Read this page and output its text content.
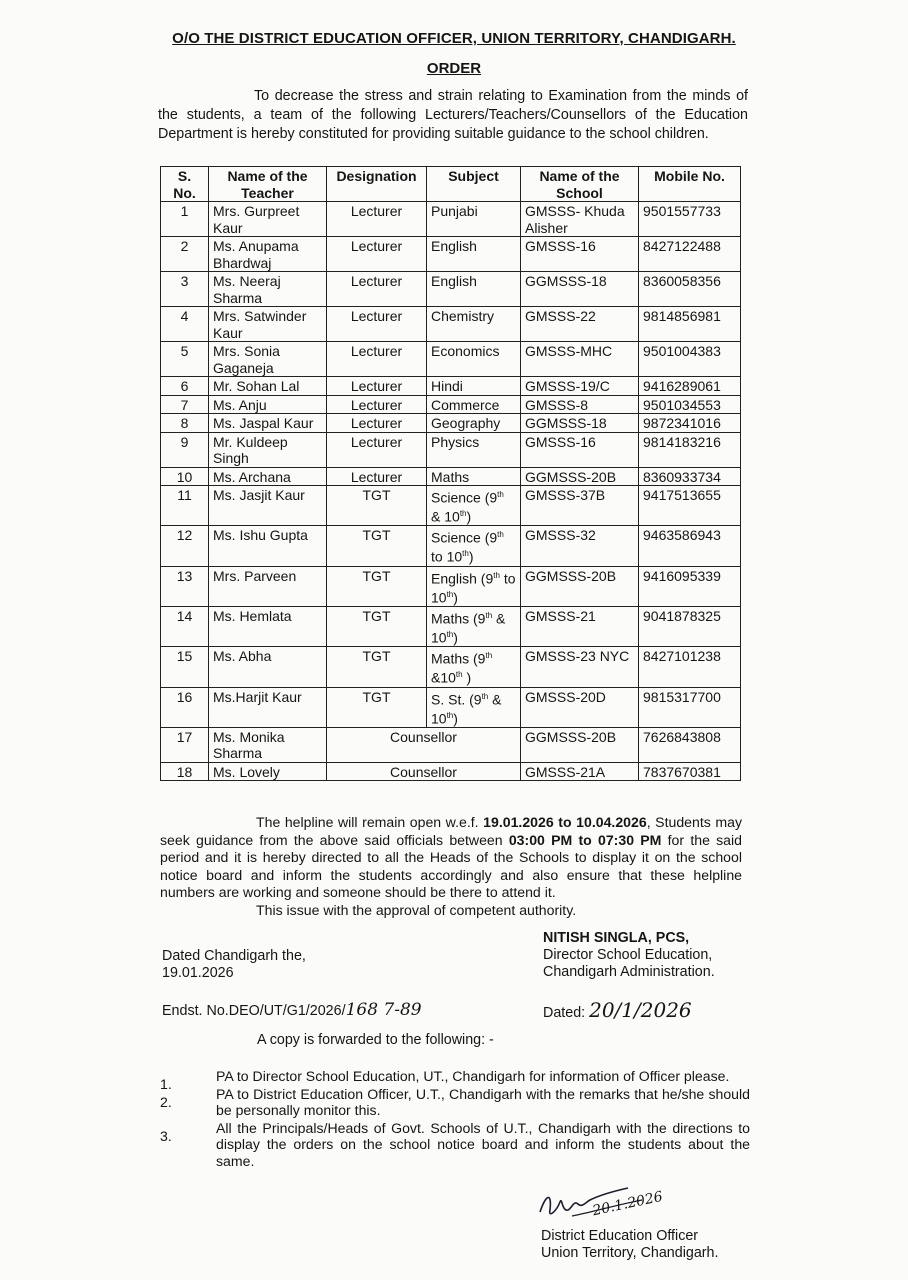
O/O THE DISTRICT EDUCATION OFFICER, UNION TERRITORY, CHANDIGARH.
ORDER
To decrease the stress and strain relating to Examination from the minds of the students, a team of the following Lecturers/Teachers/Counsellors of the Education Department is hereby constituted for providing suitable guidance to the school children.
S. No.	Name of the Teacher	Designation	Subject	Name of the School	Mobile No.
1	Mrs. Gurpreet Kaur	Lecturer	Punjabi	GMSSS- Khuda Alisher	9501557733
2	Ms. Anupama Bhardwaj	Lecturer	English	GMSSS-16	8427122488
3	Ms. Neeraj Sharma	Lecturer	English	GGMSSS-18	8360058356
4	Mrs. Satwinder Kaur	Lecturer	Chemistry	GMSSS-22	9814856981
5	Mrs. Sonia Gaganeja	Lecturer	Economics	GMSSS-MHC	9501004383
6	Mr. Sohan Lal	Lecturer	Hindi	GMSSS-19/C	9416289061
7	Ms. Anju	Lecturer	Commerce	GMSSS-8	9501034553
8	Ms. Jaspal Kaur	Lecturer	Geography	GGMSSS-18	9872341016
9	Mr. Kuldeep Singh	Lecturer	Physics	GMSSS-16	9814183216
10	Ms. Archana	Lecturer	Maths	GGMSSS-20B	8360933734
11	Ms. Jasjit Kaur	TGT	Science (9th & 10th)	GMSSS-37B	9417513655
12	Ms. Ishu Gupta	TGT	Science (9th to 10th)	GMSSS-32	9463586943
13	Mrs. Parveen	TGT	English (9th to 10th)	GGMSSS-20B	9416095339
14	Ms. Hemlata	TGT	Maths (9th & 10th)	GMSSS-21	9041878325
15	Ms. Abha	TGT	Maths (9th &10th )	GMSSS-23 NYC	8427101238
16	Ms.Harjit Kaur	TGT	S. St. (9th & 10th)	GMSSS-20D	9815317700
17	Ms. Monika Sharma	Counsellor		GGMSSS-20B	7626843808
18	Ms. Lovely	Counsellor		GMSSS-21A	7837670381
The helpline will remain open w.e.f. 19.01.2026 to 10.04.2026, Students may seek guidance from the above said officials between 03:00 PM to 07:30 PM for the said period and it is hereby directed to all the Heads of the Schools to display it on the school notice board and inform the students accordingly and also ensure that these helpline numbers are working and someone should be there to attend it.
This issue with the approval of competent authority.
NITISH SINGLA, PCS,
Director School Education,
Chandigarh Administration.
Dated Chandigarh the,
19.01.2026
Endst. No.DEO/UT/G1/2026/168 7-89	Dated: 20/1/2026
A copy is forwarded to the following: -
1.	PA to Director School Education, UT., Chandigarh for information of Officer please.
2.	PA to District Education Officer, U.T., Chandigarh with the remarks that he/she should be personally monitor this.
3.	All the Principals/Heads of Govt. Schools of U.T., Chandigarh with the directions to display the orders on the school notice board and inform the students about the same.
20.1.2026
District Education Officer
Union Territory, Chandigarh.
